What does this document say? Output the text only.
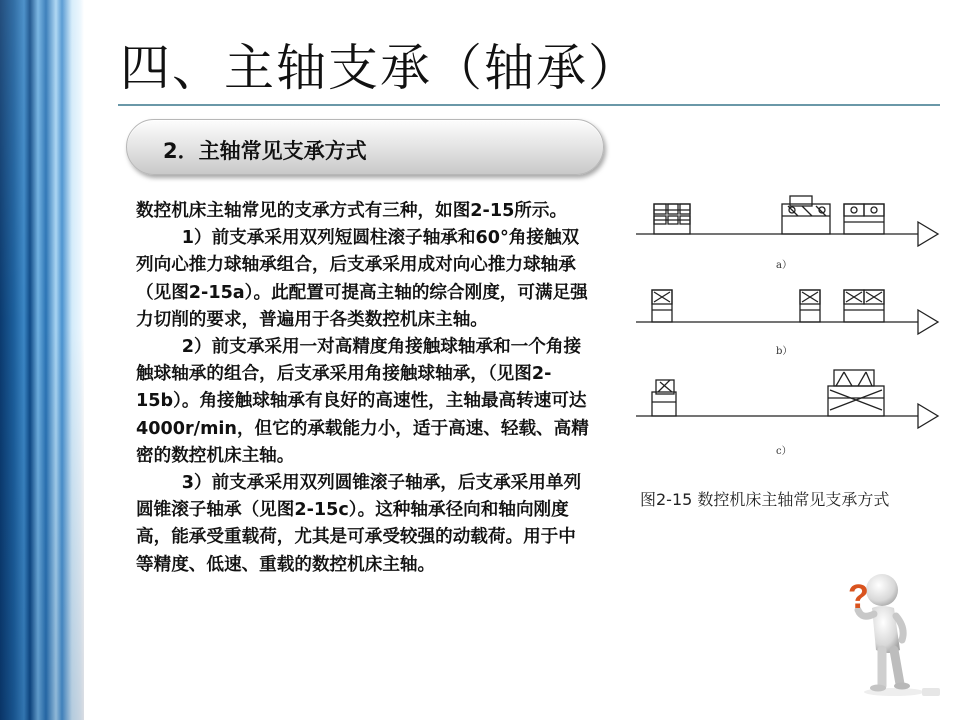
四、主轴支承（轴承）
2．主轴常见支承方式

数控机床主轴常见的支承方式有三种，如图2-15所示。

1）前支承采用双列短圆柱滚子轴承和60°角接触双列向心推力球轴承组合，后支承采用成对向心推力球轴承（见图2-15a）。此配置可提高主轴的综合刚度，可满足强力切削的要求，普遍用于各类数控机床主轴。

2）前支承采用一对高精度角接触球轴承和一个角接触球轴承的组合，后支承采用角接触球轴承，（见图2-15b）。角接触球轴承有良好的高速性，主轴最高转速可达4000r/min，但它的承载能力小，适于高速、轻载、高精密的数控机床主轴。

3）前支承采用双列圆锥滚子轴承，后支承采用单列圆锥滚子轴承（见图2-15c）。这种轴承径向和轴向刚度高，能承受重载荷，尤其是可承受较强的动载荷。用于中等精度、低速、重载的数控机床主轴。

a）
b）
c）
图2-15 数控机床主轴常见支承方式
?
